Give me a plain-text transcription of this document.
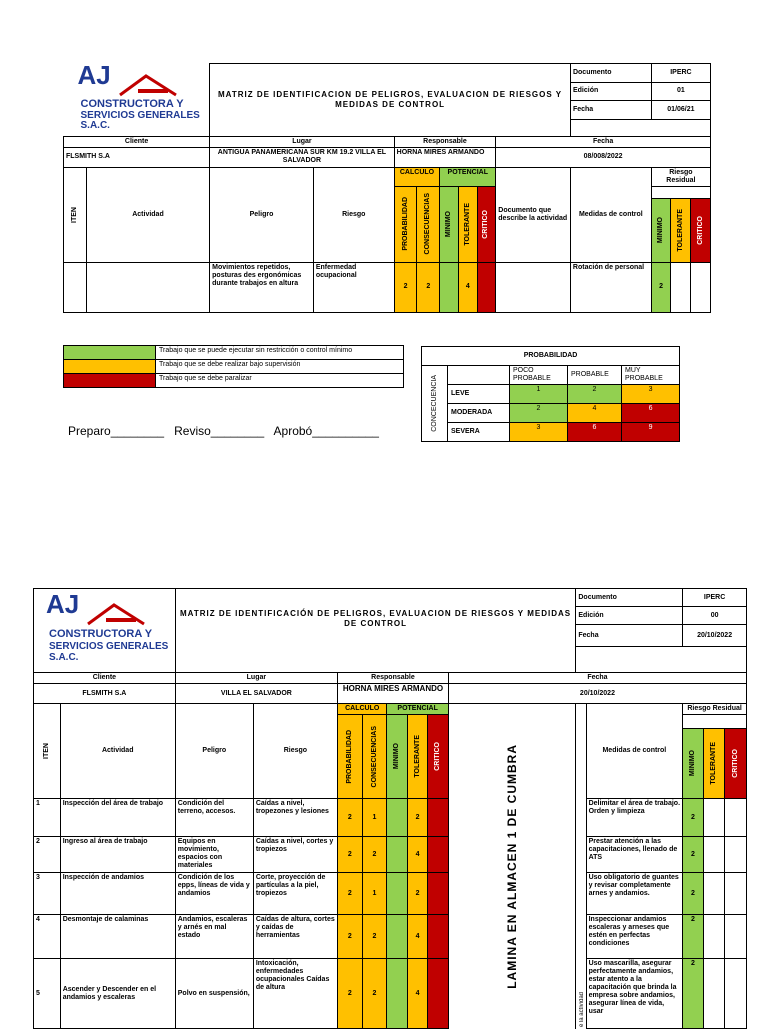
AJ
CONSTRUCTORA Y
SERVICIOS GENERALES
S.A.C.	MATRIZ DE IDENTIFICACION DE PELIGROS, EVALUACION DE RIESGOS Y MEDIDAS DE CONTROL			Documento	IPERC
				Edición	01
				Fecha	01/06/21

Cliente	Lugar	Responsable	Fecha		
FLSMITH S.A	ANTIGUA PANAMERICANA SUR KM 19.2 VILLA EL SALVADOR	HORNA MIRES ARMANDO	08/008/2022		
ITEN	Actividad	Peligro	Riesgo	CALCULO		POTENCIAL			Documento que describe la actividad	Medidas de control	Riesgo Residual		

				PROBABILIDAD	CONSECUENCIAS	MINIMO	TOLERANTE	CRITICO					

											MINIMO	TOLERANTE	CRITICO

		Movimientos repetidos, posturas des ergonómicas durante trabajos en altura	Enfermedad ocupacional	2	2		4			Rotación de personal	2		
	Trabajo que se puede ejecutar sin restricción o control mínimo
	Trabajo que se debe realizar bajo supervisión
	Trabajo que se debe paralizar
PROBABILIDAD				

CONCECUENCIA		POCO PROBABLE	PROBABLE	MUY PROBABLE
	LEVE	1	2	3
	MODERADA	2	4	6
	SEVERA	3	6	9
Preparo________ Reviso________ Aprobó__________
AJ
CONSTRUCTORA Y
SERVICIOS GENERALES
S.A.C.	MATRIZ DE IDENTIFICACIÓN DE PELIGROS, EVALUACION DE RIESGOS Y MEDIDAS DE CONTROL			Documento	IPERC
				Edición	00
				Fecha	20/10/2022

Cliente	Lugar	Responsable	Fecha		
FLSMITH S.A	VILLA EL SALVADOR	HORNA MIRES ARMANDO	20/10/2022		
ITEN	Actividad	Peligro	Riesgo	CALCULO		POTENCIAL			LAMINA EN ALMACEN 1 DE CUMBRA	e la actividad	Medidas de control	Riesgo Residual		

				PROBABILIDAD	CONSECUENCIAS	MINIMO	TOLERANTE	CRITICO						

												MINIMO	TOLERANTE	CRITICO

1	Inspección del área de trabajo	Condición del terreno, accesos.	Caídas a nivel, tropezones y lesiones	2	1		2				Delimitar el área de trabajo. Orden y limpieza	2		
2	Ingreso al área de trabajo	Equipos en movimiento, espacios con materiales	Caídas a nivel, cortes y tropiezos	2	2		4				Prestar atención a las capacitaciones, llenado de ATS	2		
3	Inspección de andamios	Condición de los epps, líneas de vida y andamios	Corte, proyección de partículas a la piel, tropiezos	2	1		2				Uso obligatorio de guantes y revisar completamente arnes y andamios.	2		
4	Desmontaje de calaminas	Andamios, escaleras y arnés en mal estado	Caídas de altura, cortes y caídas de herramientas	2	2		4				Inspeccionar andamios escaleras y arneses que estén en perfectas condiciones	2		
5	Ascender y Descender en el andamios y escaleras	Polvo en suspensión,	Intoxicación, enfermedades ocupacionales Caídas de altura	2	2		4				Uso mascarilla, asegurar perfectamente andamios, estar atento a la capacitación que brinda la empresa sobre andamios, asegurar línea de vida, usar	2		
